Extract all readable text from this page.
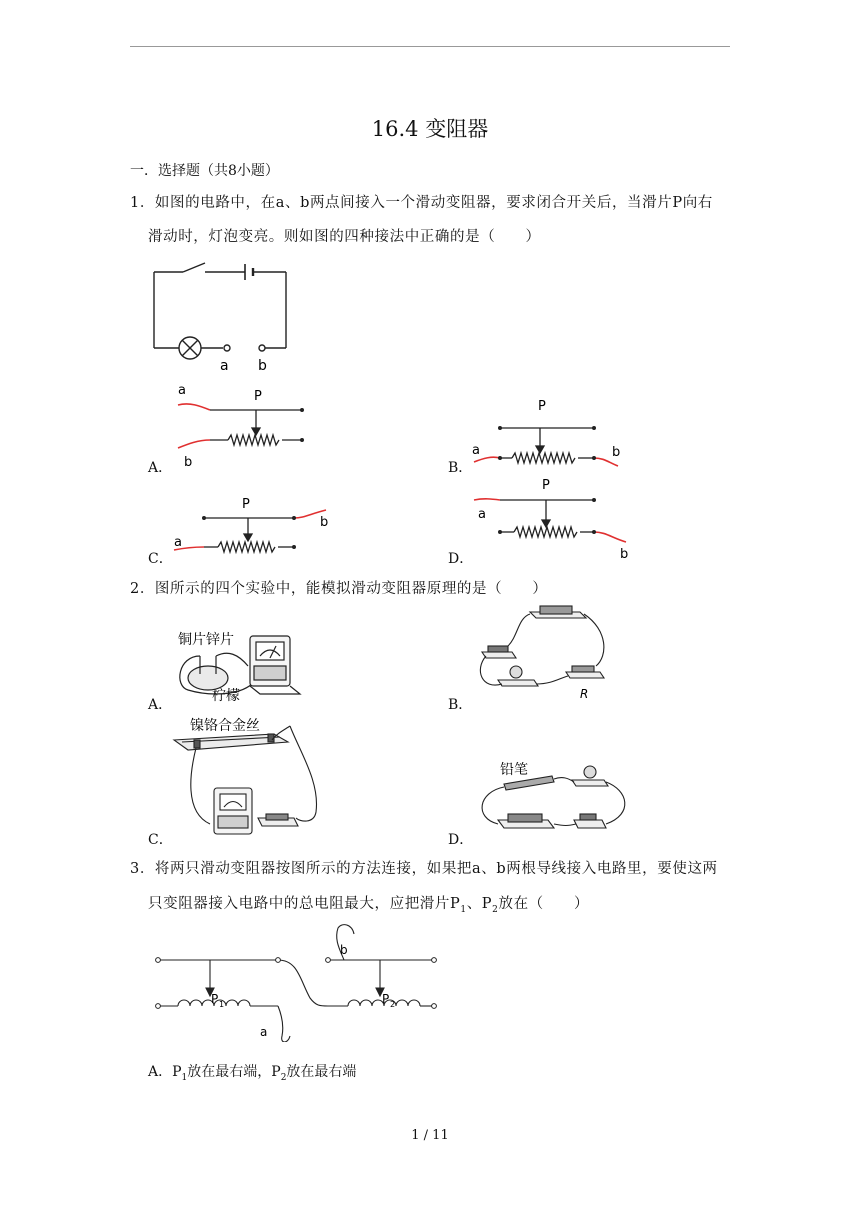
16.4 变阻器
一．选择题（共8小题）
1．如图的电路中，在a、b两点间接入一个滑动变阻器，要求闭合开关后，当滑片P向右
滑动时，灯泡变亮。则如图的四种接法中正确的是（　　）
a b
A．
a	P
b	B．
P
a	b
C．
P
a
b
D．
P
a
b
2．图所示的四个实验中，能模拟滑动变阻器原理的是（　　）
A．
铜片锌片
柠檬
B．
R
C．
镍铬合金丝
D．
铅笔
3．将两只滑动变阻器按图所示的方法连接，如果把a、b两根导线接入电路里，要使这两
只变阻器接入电路中的总电阻最大，应把滑片$P_1$、$P_2$放在（　　）
P 1	P 2
a
b
A．$P_1$放在最右端，$P_2$放在最右端
1 / 11
